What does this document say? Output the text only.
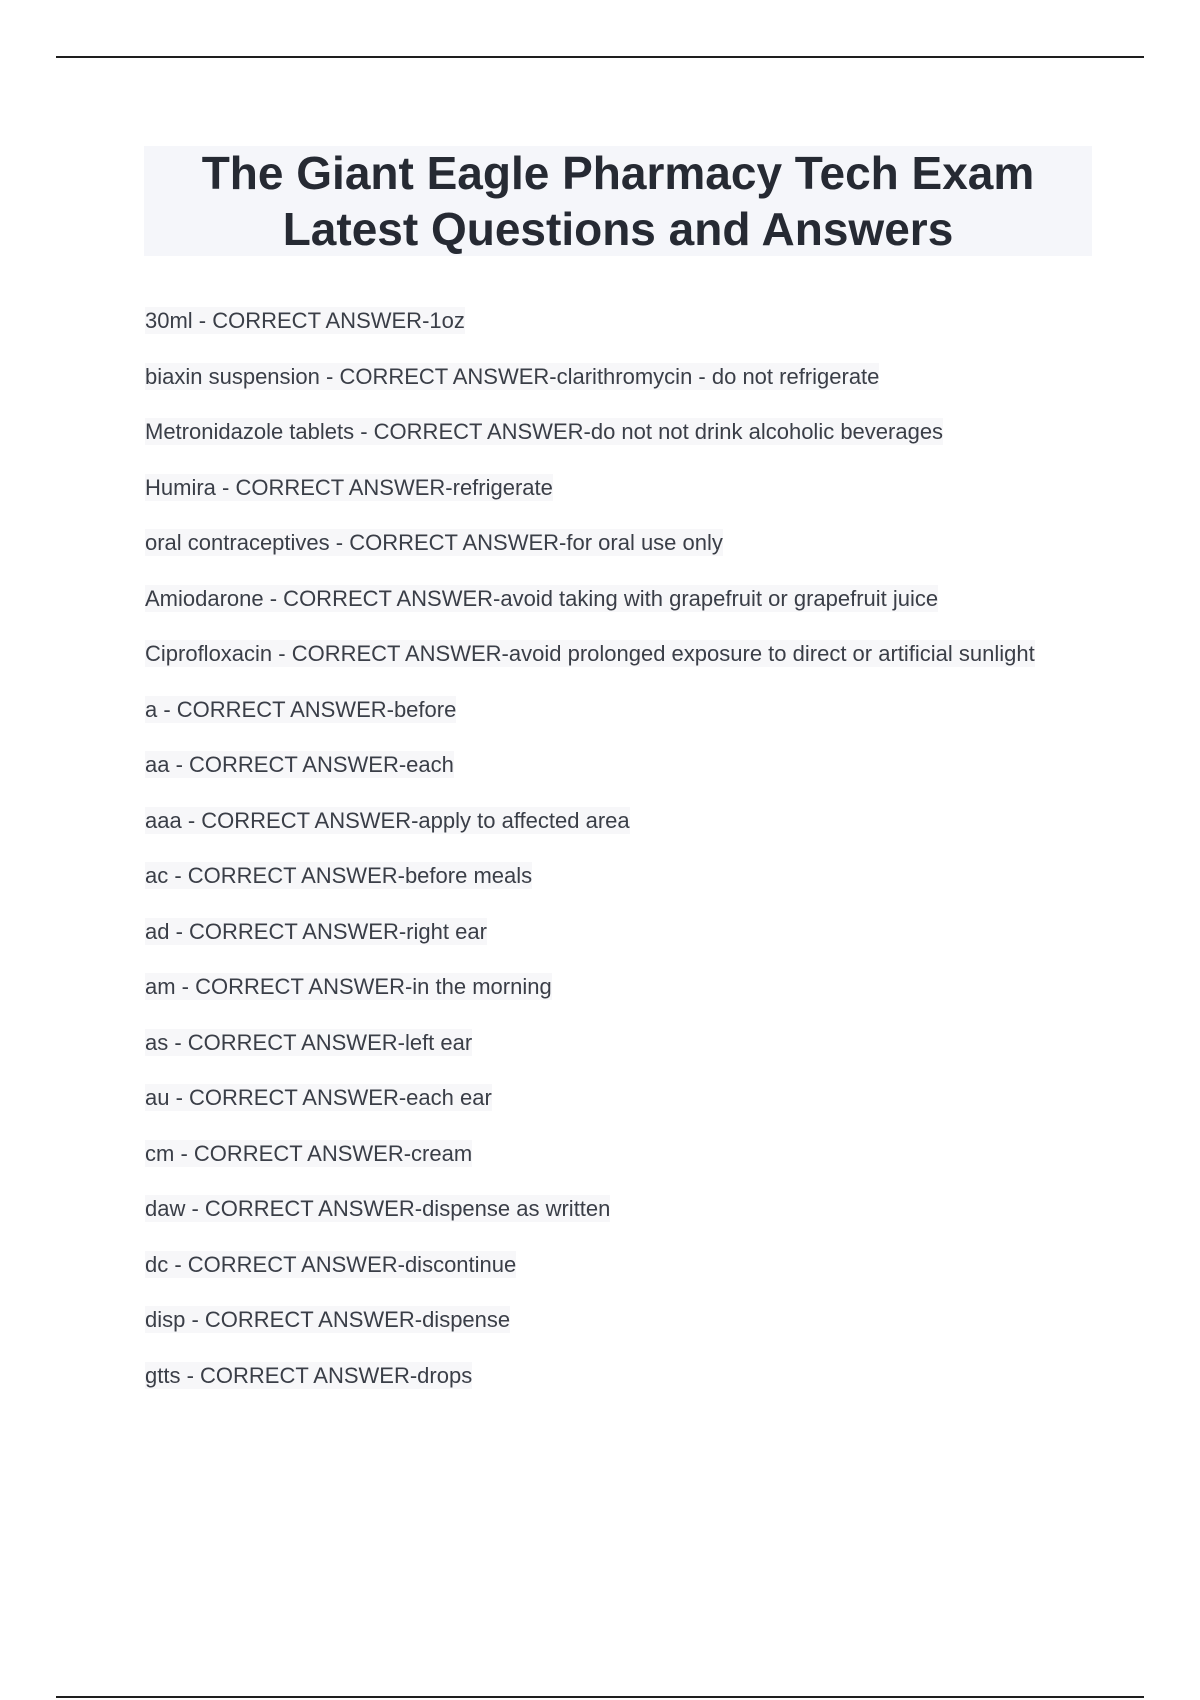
The Giant Eagle Pharmacy Tech Exam
Latest Questions and Answers
30ml - CORRECT ANSWER-1oz
biaxin suspension - CORRECT ANSWER-clarithromycin - do not refrigerate
Metronidazole tablets - CORRECT ANSWER-do not not drink alcoholic beverages
Humira - CORRECT ANSWER-refrigerate
oral contraceptives - CORRECT ANSWER-for oral use only
Amiodarone - CORRECT ANSWER-avoid taking with grapefruit or grapefruit juice
Ciprofloxacin - CORRECT ANSWER-avoid prolonged exposure to direct or artificial sunlight
a - CORRECT ANSWER-before
aa - CORRECT ANSWER-each
aaa - CORRECT ANSWER-apply to affected area
ac - CORRECT ANSWER-before meals
ad - CORRECT ANSWER-right ear
am - CORRECT ANSWER-in the morning
as - CORRECT ANSWER-left ear
au - CORRECT ANSWER-each ear
cm - CORRECT ANSWER-cream
daw - CORRECT ANSWER-dispense as written
dc - CORRECT ANSWER-discontinue
disp - CORRECT ANSWER-dispense
gtts - CORRECT ANSWER-drops
